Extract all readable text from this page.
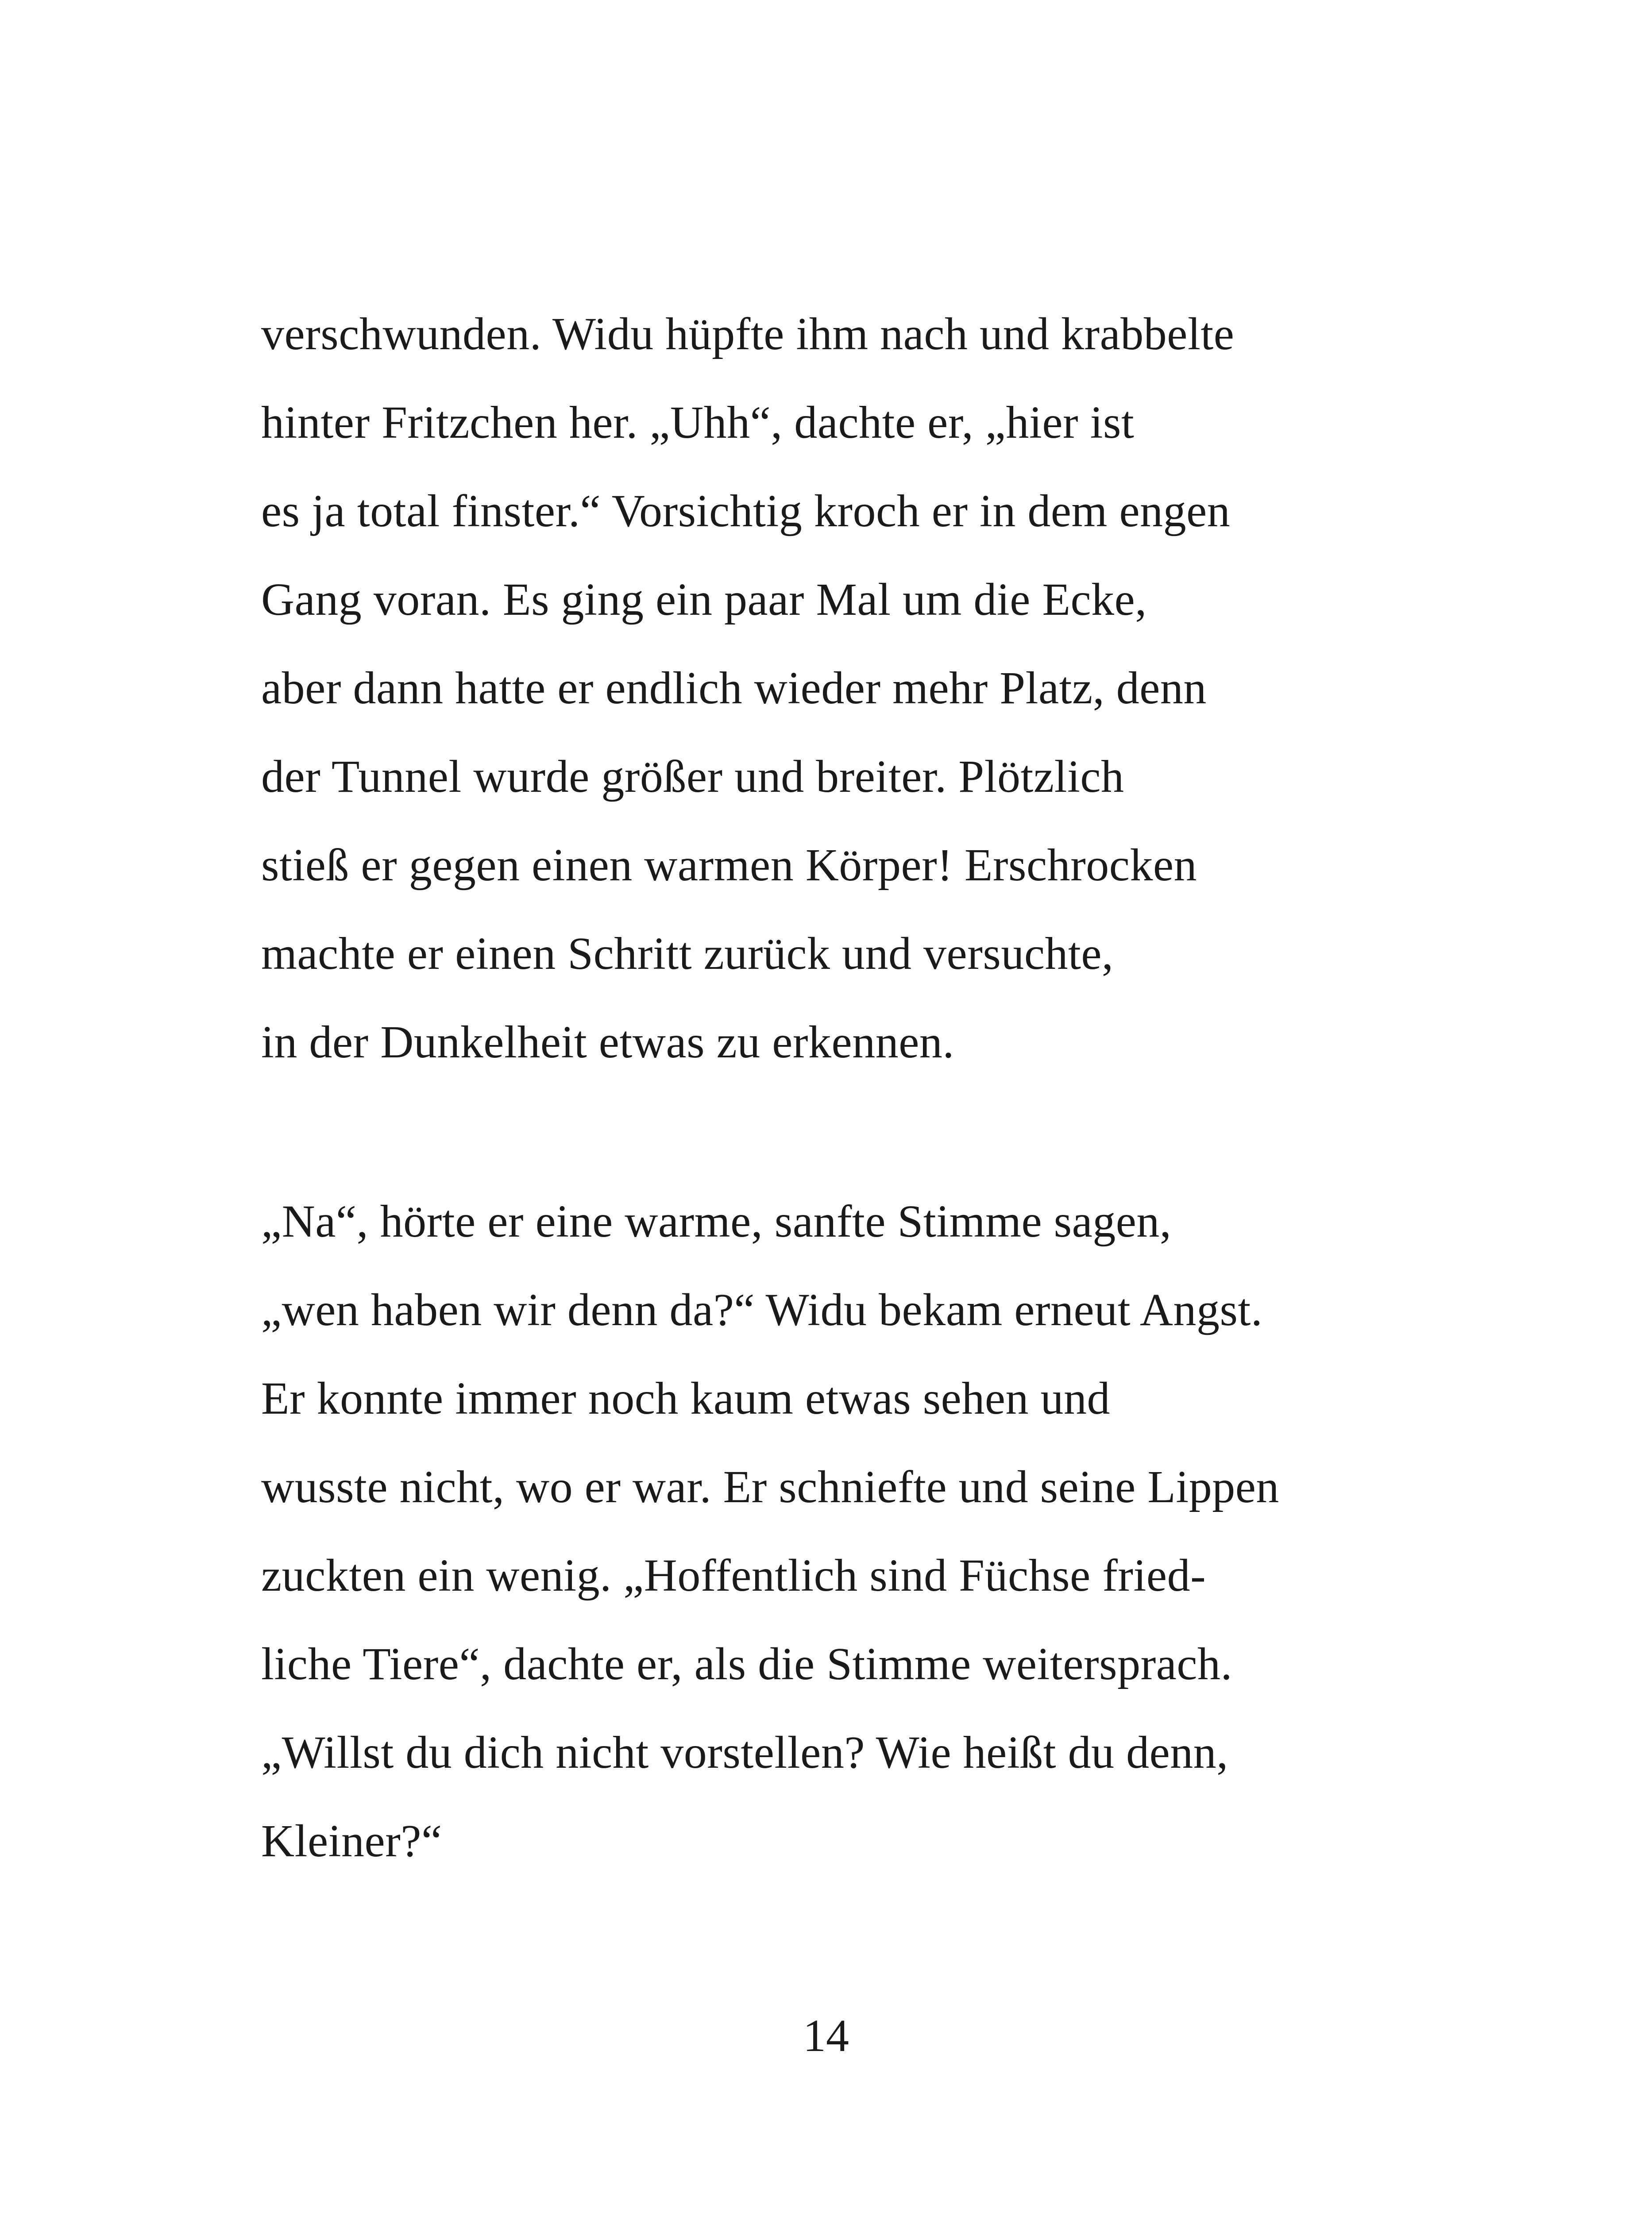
verschwunden. Widu hüpfte ihm nach und krabbelte
hinter Fritzchen her. „Uhh“, dachte er, „hier ist
es ja total finster.“ Vorsichtig kroch er in dem engen
Gang voran. Es ging ein paar Mal um die Ecke,
aber dann hatte er endlich wieder mehr Platz, denn
der Tunnel wurde größer und breiter. Plötzlich
stieß er gegen einen warmen Körper! Erschrocken
machte er einen Schritt zurück und versuchte,
in der Dunkelheit etwas zu erkennen.
„Na“, hörte er eine warme, sanfte Stimme sagen,
„wen haben wir denn da?“ Widu bekam erneut Angst.
Er konnte immer noch kaum etwas sehen und
wusste nicht, wo er war. Er schniefte und seine Lippen
zuckten ein wenig. „Hoffentlich sind Füchse fried-
liche Tiere“, dachte er, als die Stimme weitersprach.
„Willst du dich nicht vorstellen? Wie heißt du denn,
Kleiner?“
14
